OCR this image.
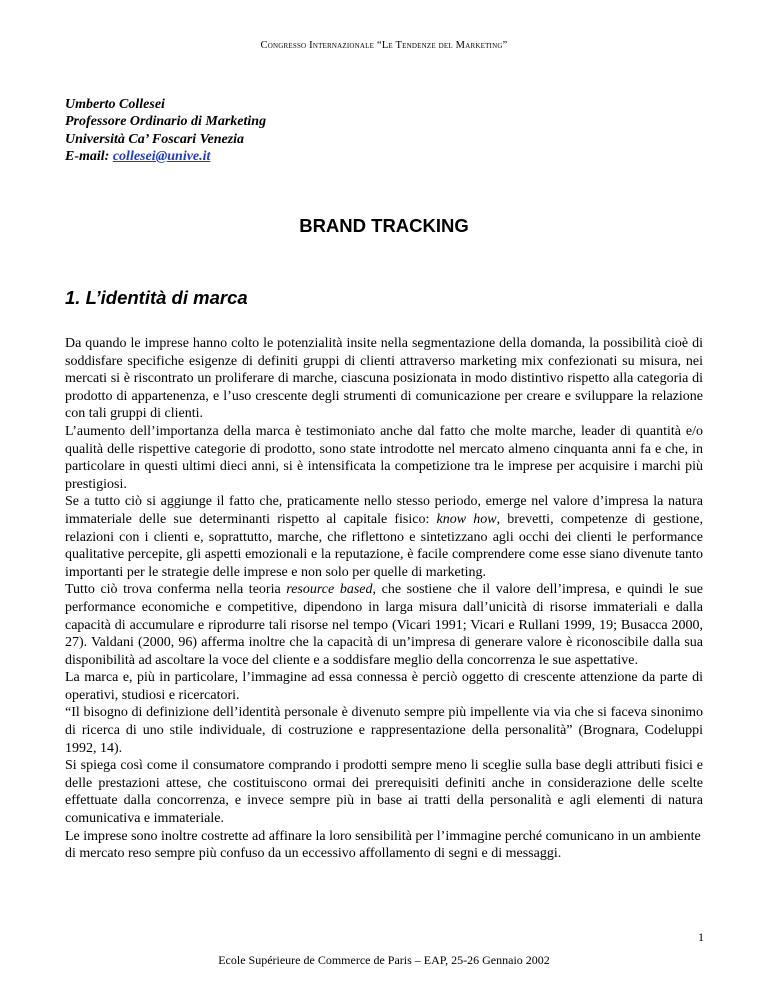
Congresso Internazionale “Le Tendenze del Marketing”
Umberto Collesei
Professore Ordinario di Marketing
Università Ca’ Foscari Venezia
E-mail: collesei@unive.it
BRAND TRACKING
1. L’identità di marca

Da quando le imprese hanno colto le potenzialità insite nella segmentazione della domanda, la possibilità cioè di soddisfare specifiche esigenze di definiti gruppi di clienti attraverso marketing mix confezionati su misura, nei mercati si è riscontrato un proliferare di marche, ciascuna posizionata in modo distintivo rispetto alla categoria di prodotto di appartenenza, e l’uso crescente degli strumenti di comunicazione per creare e sviluppare la relazione con tali gruppi di clienti.

L’aumento dell’importanza della marca è testimoniato anche dal fatto che molte marche, leader di quantità e/o qualità delle rispettive categorie di prodotto, sono state introdotte nel mercato almeno cinquanta anni fa e che, in particolare in questi ultimi dieci anni, si è intensificata la competizione tra le imprese per acquisire i marchi più prestigiosi.

Se a tutto ciò si aggiunge il fatto che, praticamente nello stesso periodo, emerge nel valore d’impresa la natura immateriale delle sue determinanti rispetto al capitale fisico: know how, brevetti, competenze di gestione, relazioni con i clienti e, soprattutto, marche, che riflettono e sintetizzano agli occhi dei clienti le performance qualitative percepite, gli aspetti emozionali e la reputazione, è facile comprendere come esse siano divenute tanto importanti per le strategie delle imprese e non solo per quelle di marketing.

Tutto ciò trova conferma nella teoria resource based, che sostiene che il valore dell’impresa, e quindi le sue performance economiche e competitive, dipendono in larga misura dall’unicità di risorse immateriali e dalla capacità di accumulare e riprodurre tali risorse nel tempo (Vicari 1991; Vicari e Rullani 1999, 19; Busacca 2000, 27). Valdani (2000, 96) afferma inoltre che la capacità di un’impresa di generare valore è riconoscibile dalla sua disponibilità ad ascoltare la voce del cliente e a soddisfare meglio della concorrenza le sue aspettative.

La marca e, più in particolare, l’immagine ad essa connessa è perciò oggetto di crescente attenzione da parte di operativi, studiosi e ricercatori.

“Il bisogno di definizione dell’identità personale è divenuto sempre più impellente via via che si faceva sinonimo di ricerca di uno stile individuale, di costruzione e rappresentazione della personalità” (Brognara, Codeluppi 1992, 14).

Si spiega così come il consumatore comprando i prodotti sempre meno li sceglie sulla base degli attributi fisici e delle prestazioni attese, che costituiscono ormai dei prerequisiti definiti anche in considerazione delle scelte effettuate dalla concorrenza, e invece sempre più in base ai tratti della personalità e agli elementi di natura comunicativa e immateriale.

Le imprese sono inoltre costrette ad affinare la loro sensibilità per l’immagine perché comunicano in un ambiente di mercato reso sempre più confuso da un eccessivo affollamento di segni e di messaggi.

1
Ecole Supérieure de Commerce de Paris – EAP, 25-26 Gennaio 2002
